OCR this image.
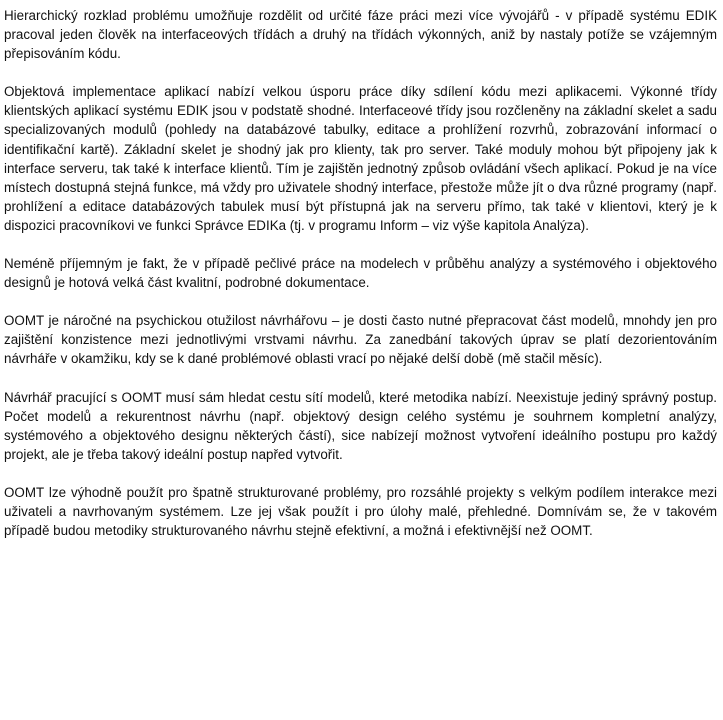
Hierarchický rozklad problému umožňuje rozdělit od určité fáze práci mezi více vývojářů - v případě systému EDIK pracoval jeden člověk na interfaceových třídách a druhý na třídách výkonných, aniž by nastaly potíže se vzájemným přepisováním kódu.

Objektová implementace aplikací nabízí velkou úsporu práce díky sdílení kódu mezi aplikacemi. Výkonné třídy klientských aplikací systému EDIK jsou v podstatě shodné. Interfaceové třídy jsou rozčleněny na základní skelet a sadu specializovaných modulů (pohledy na databázové tabulky, editace a prohlížení rozvrhů, zobrazování informací o identifikační kartě). Základní skelet je shodný jak pro klienty, tak pro server. Také moduly mohou být připojeny jak k interface serveru, tak také k interface klientů. Tím je zajištěn jednotný způsob ovládání všech aplikací. Pokud je na více místech dostupná stejná funkce, má vždy pro uživatele shodný interface, přestože může jít o dva různé programy (např. prohlížení a editace databázových tabulek musí být přístupná jak na serveru přímo, tak také v klientovi, který je k dispozici pracovníkovi ve funkci Správce EDIKa (tj. v programu Inform – viz výše kapitola Analýza).

Neméně příjemným je fakt, že v případě pečlivé práce na modelech v průběhu analýzy a systémového i objektového designů je hotová velká část kvalitní, podrobné dokumentace.

OOMT je náročné na psychickou otužilost návrhářovu – je dosti často nutné přepracovat část modelů, mnohdy jen pro zajištění konzistence mezi jednotlivými vrstvami návrhu. Za zanedbání takových úprav se platí dezorientováním návrháře v okamžiku, kdy se k dané problémové oblasti vrací po nějaké delší době (mě stačil měsíc).

Návrhář pracující s OOMT musí sám hledat cestu sítí modelů, které metodika nabízí. Neexistuje jediný správný postup. Počet modelů a rekurentnost návrhu (např. objektový design celého systému je souhrnem kompletní analýzy, systémového a objektového designu některých částí), sice nabízejí možnost vytvoření ideálního postupu pro každý projekt, ale je třeba takový ideální postup napřed vytvořit.

OOMT lze výhodně použít pro špatně strukturované problémy, pro rozsáhlé projekty s velkým podílem interakce mezi uživateli a navrhovaným systémem. Lze jej však použít i pro úlohy malé, přehledné. Domnívám se, že v takovém případě budou metodiky strukturovaného návrhu stejně efektivní, a možná i efektivnější než OOMT.
